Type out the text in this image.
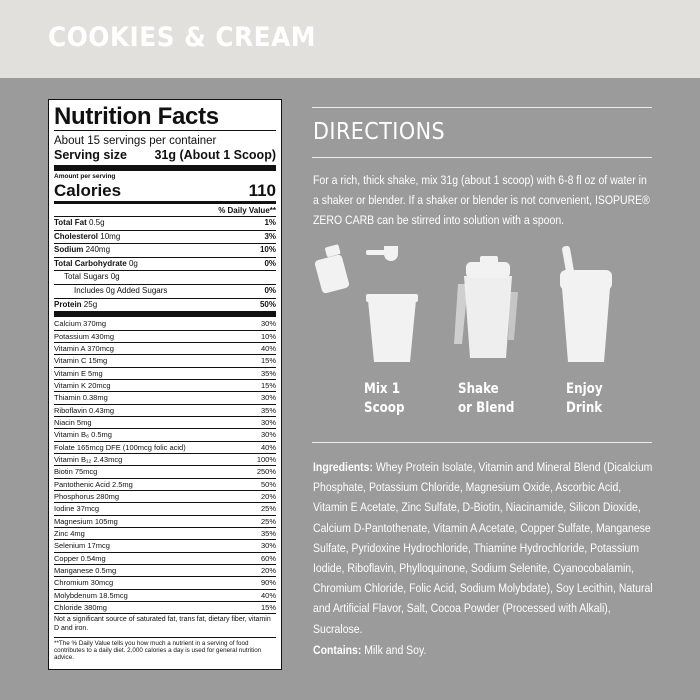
COOKIES & CREAM
Nutrition Facts
About 15 servings per container
Serving size 31g (About 1 Scoop)
Amount per serving
Calories	110
% Daily Value**
Total Fat 0.5g	1%
Cholesterol 10mg	3%
Sodium 240mg	10%
Total Carbohydrate 0g	0%
Total Sugars 0g
Includes 0g Added Sugars	0%
Protein 25g	50%
Calcium 370mg	30%
Potassium 430mg	10%
Vitamin A 370mcg	40%
Vitamin C 15mg	15%
Vitamin E 5mg	35%
Vitamin K 20mcg	15%
Thiamin 0.38mg	30%
Riboflavin 0.43mg	35%
Niacin 5mg	30%
Vitamin B₆ 0.5mg	30%
Folate 165mcg DFE (100mcg folic acid)	40%
Vitamin B₁₂ 2.43mcg	100%
Biotin 75mcg	250%
Pantothenic Acid 2.5mg	50%
Phosphorus 280mg	20%
Iodine 37mcg	25%
Magnesium 105mg	25%
Zinc 4mg	35%
Selenium 17mcg	30%
Copper 0.54mg	60%
Manganese 0.5mg	20%
Chromium 30mcg	90%
Molybdenum 18.5mcg	40%
Chloride 380mg	15%
Not a significant source of saturated fat, trans fat, dietary fiber, vitamin D and iron.
**The % Daily Value tells you how much a nutrient in a serving of food contributes to a daily diet. 2,000 calories a day is used for general nutrition advice.
DIRECTIONS
For a rich, thick shake, mix 31g (about 1 scoop) with 6-8 fl oz of water in a shaker or blender. If a shaker or blender is not convenient, ISOPURE® ZERO CARB can be stirred into solution with a spoon.
Mix 1
Scoop
Shake
or Blend
Enjoy
Drink
Ingredients: Whey Protein Isolate, Vitamin and Mineral Blend (Dicalcium Phosphate, Potassium Chloride, Magnesium Oxide, Ascorbic Acid, Vitamin E Acetate, Zinc Sulfate, D-Biotin, Niacinamide, Silicon Dioxide, Calcium D-Pantothenate, Vitamin A Acetate, Copper Sulfate, Manganese Sulfate, Pyridoxine Hydrochloride, Thiamine Hydrochloride, Potassium Iodide, Riboflavin, Phylloquinone, Sodium Selenite, Cyanocobalamin, Chromium Chloride, Folic Acid, Sodium Molybdate), Soy Lecithin, Natural and Artificial Flavor, Salt, Cocoa Powder (Processed with Alkali), Sucralose.
Contains: Milk and Soy.
